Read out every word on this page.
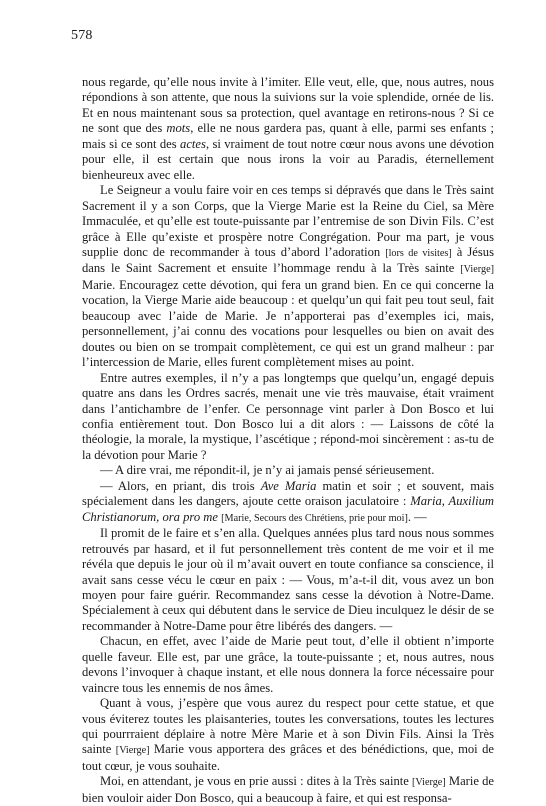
578

nous regarde, qu’elle nous invite à l’imiter. Elle veut, elle, que, nous autres, nous répondions à son attente, que nous la suivions sur la voie splendide, ornée de lis. Et en nous maintenant sous sa protection, quel avantage en retirons-nous ? Si ce ne sont que des mots, elle ne nous gardera pas, quant à elle, parmi ses enfants ; mais si ce sont des actes, si vraiment de tout notre cœur nous avons une dévotion pour elle, il est certain que nous irons la voir au Paradis, éternellement bienheureux avec elle.

Le Seigneur a voulu faire voir en ces temps si dépravés que dans le Très saint Sacrement il y a son Corps, que la Vierge Marie est la Reine du Ciel, sa Mère Immaculée, et qu’elle est toute-puissante par l’entremise de son Divin Fils. C’est grâce à Elle qu’existe et prospère notre Congrégation. Pour ma part, je vous supplie donc de recommander à tous d’abord l’adoration [lors de visites] à Jésus dans le Saint Sacrement et ensuite l’hommage rendu à la Très sainte [Vierge] Marie. Encouragez cette dévotion, qui fera un grand bien. En ce qui concerne la vocation, la Vierge Marie aide beaucoup : et quelqu’un qui fait peu tout seul, fait beaucoup avec l’aide de Marie. Je n’apporterai pas d’exemples ici, mais, personnellement, j’ai connu des vocations pour lesquelles ou bien on avait des doutes ou bien on se trompait complètement, ce qui est un grand malheur : par l’intercession de Marie, elles furent complètement mises au point.

Entre autres exemples, il n’y a pas longtemps que quelqu’un, engagé depuis quatre ans dans les Ordres sacrés, menait une vie très mauvaise, était vraiment dans l’antichambre de l’enfer. Ce personnage vint parler à Don Bosco et lui confia entièrement tout. Don Bosco lui a dit alors : — Laissons de côté la théologie, la morale, la mystique, l’ascétique ; répond-moi sincèrement : as-tu de la dévotion pour Marie ?

— A dire vrai, me répondit-il, je n’y ai jamais pensé sérieusement.

— Alors, en priant, dis trois Ave Maria matin et soir ; et souvent, mais spécialement dans les dangers, ajoute cette oraison jaculatoire : Maria, Auxilium Christianorum, ora pro me [Marie, Secours des Chrétiens, prie pour moi]. —

Il promit de le faire et s’en alla. Quelques années plus tard nous nous sommes retrouvés par hasard, et il fut personnellement très content de me voir et il me révéla que depuis le jour où il m’avait ouvert en toute confiance sa conscience, il avait sans cesse vécu le cœur en paix : — Vous, m’a-t-il dit, vous avez un bon moyen pour faire guérir. Recommandez sans cesse la dévotion à Notre-Dame. Spécialement à ceux qui débutent dans le service de Dieu inculquez le désir de se recommander à Notre-Dame pour être libérés des dangers. —

Chacun, en effet, avec l’aide de Marie peut tout, d’elle il obtient n’importe quelle faveur. Elle est, par une grâce, la toute-puissante ; et, nous autres, nous devons l’invoquer à chaque instant, et elle nous donnera la force nécessaire pour vaincre tous les ennemis de nos âmes.

Quant à vous, j’espère que vous aurez du respect pour cette statue, et que vous éviterez toutes les plaisanteries, toutes les conversations, toutes les lectures qui pourrraient déplaire à notre Mère Marie et à son Divin Fils. Ainsi la Très sainte [Vierge] Marie vous apportera des grâces et des bénédictions, que, moi de tout cœur, je vous souhaite.

Moi, en attendant, je vous en prie aussi : dites à la Très sainte [Vierge] Marie de bien vouloir aider Don Bosco, qui a beaucoup à faire, et qui est responsa-
